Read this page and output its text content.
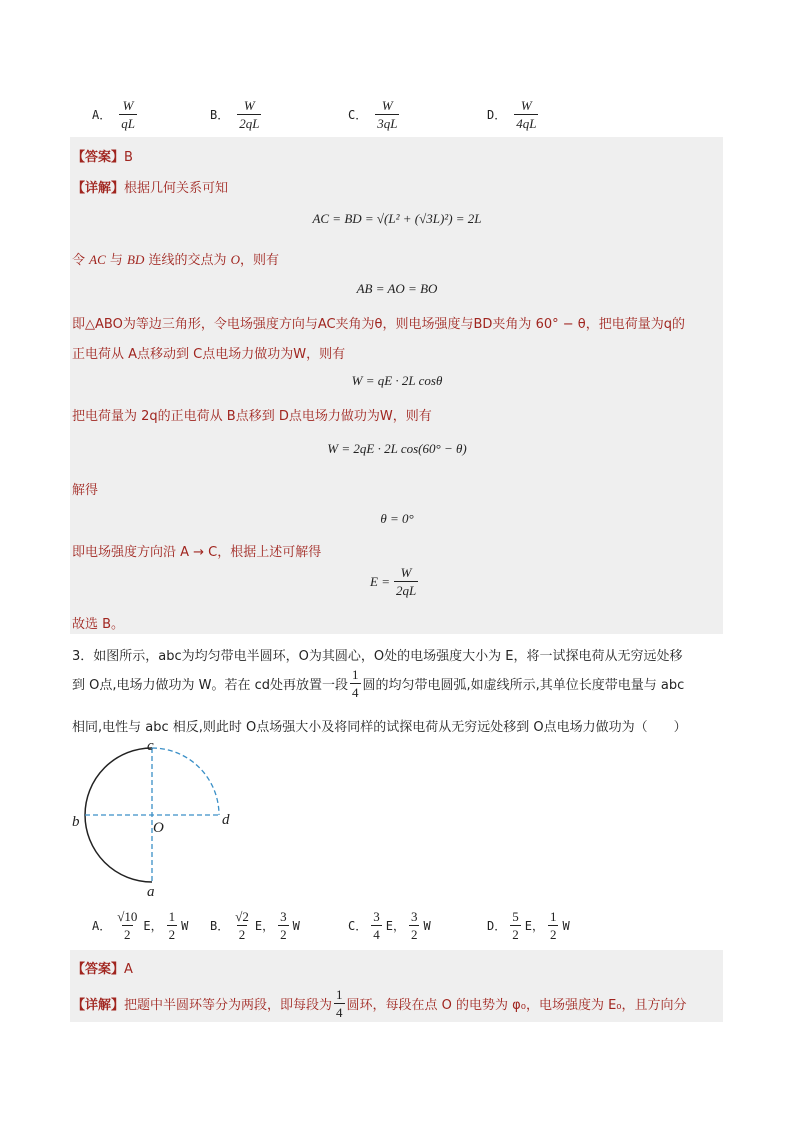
A． $\frac{W}{qL}$	B． $\frac{W}{2qL}$	C． $\frac{W}{3qL}$	D． $\frac{W}{4qL}$
【答案】B
【详解】根据几何关系可知
AC = BD = √(L² + (√3L)²) = 2L
令 AC 与 BD 连线的交点为 O，则有
AB = AO = BO
即△ABO为等边三角形，令电场强度方向与AC夹角为θ，则电场强度与BD夹角为 60° − θ，把电荷量为q的
正电荷从 A点移动到 C点电场力做功为W，则有
W = qE · 2L cosθ
把电荷量为 2q的正电荷从 B点移到 D点电场力做功为W，则有
W = 2qE · 2L cos(60° − θ)
解得
θ = 0°
即电场强度方向沿 A → C，根据上述可解得
$E = \frac{W}{2qL}$
故选 B。
3．如图所示，abc为均匀带电半圆环，O为其圆心，O处的电场强度大小为 E，将一试探电荷从无穷远处移
到 O点,电场力做功为 W。若在 cd处再放置一段 $\frac{1}{4}$ 圆的均匀带电圆弧,如虚线所示,其单位长度带电量与 abc
相同,电性与 abc 相反,则此时 O点场强大小及将同样的试探电荷从无穷远处移到 O点电场力做功为（　　）
c
b	d
O
a
A． $\frac{√10}{2}$ E， $\frac{1}{2}$ W B． $\frac{√2}{2}$ E， $\frac{3}{2}$ W	C． $\frac{3}{4}$ E， $\frac{3}{2}$ W	D． $\frac{5}{2}$ E， $\frac{1}{2}$ W
【答案】A
【详解】 把题中半圆环等分为两段，即每段为 $\frac{1}{4}$ 圆环，每段在点 O 的电势为 φ₀，电场强度为 E₀，且方向分
